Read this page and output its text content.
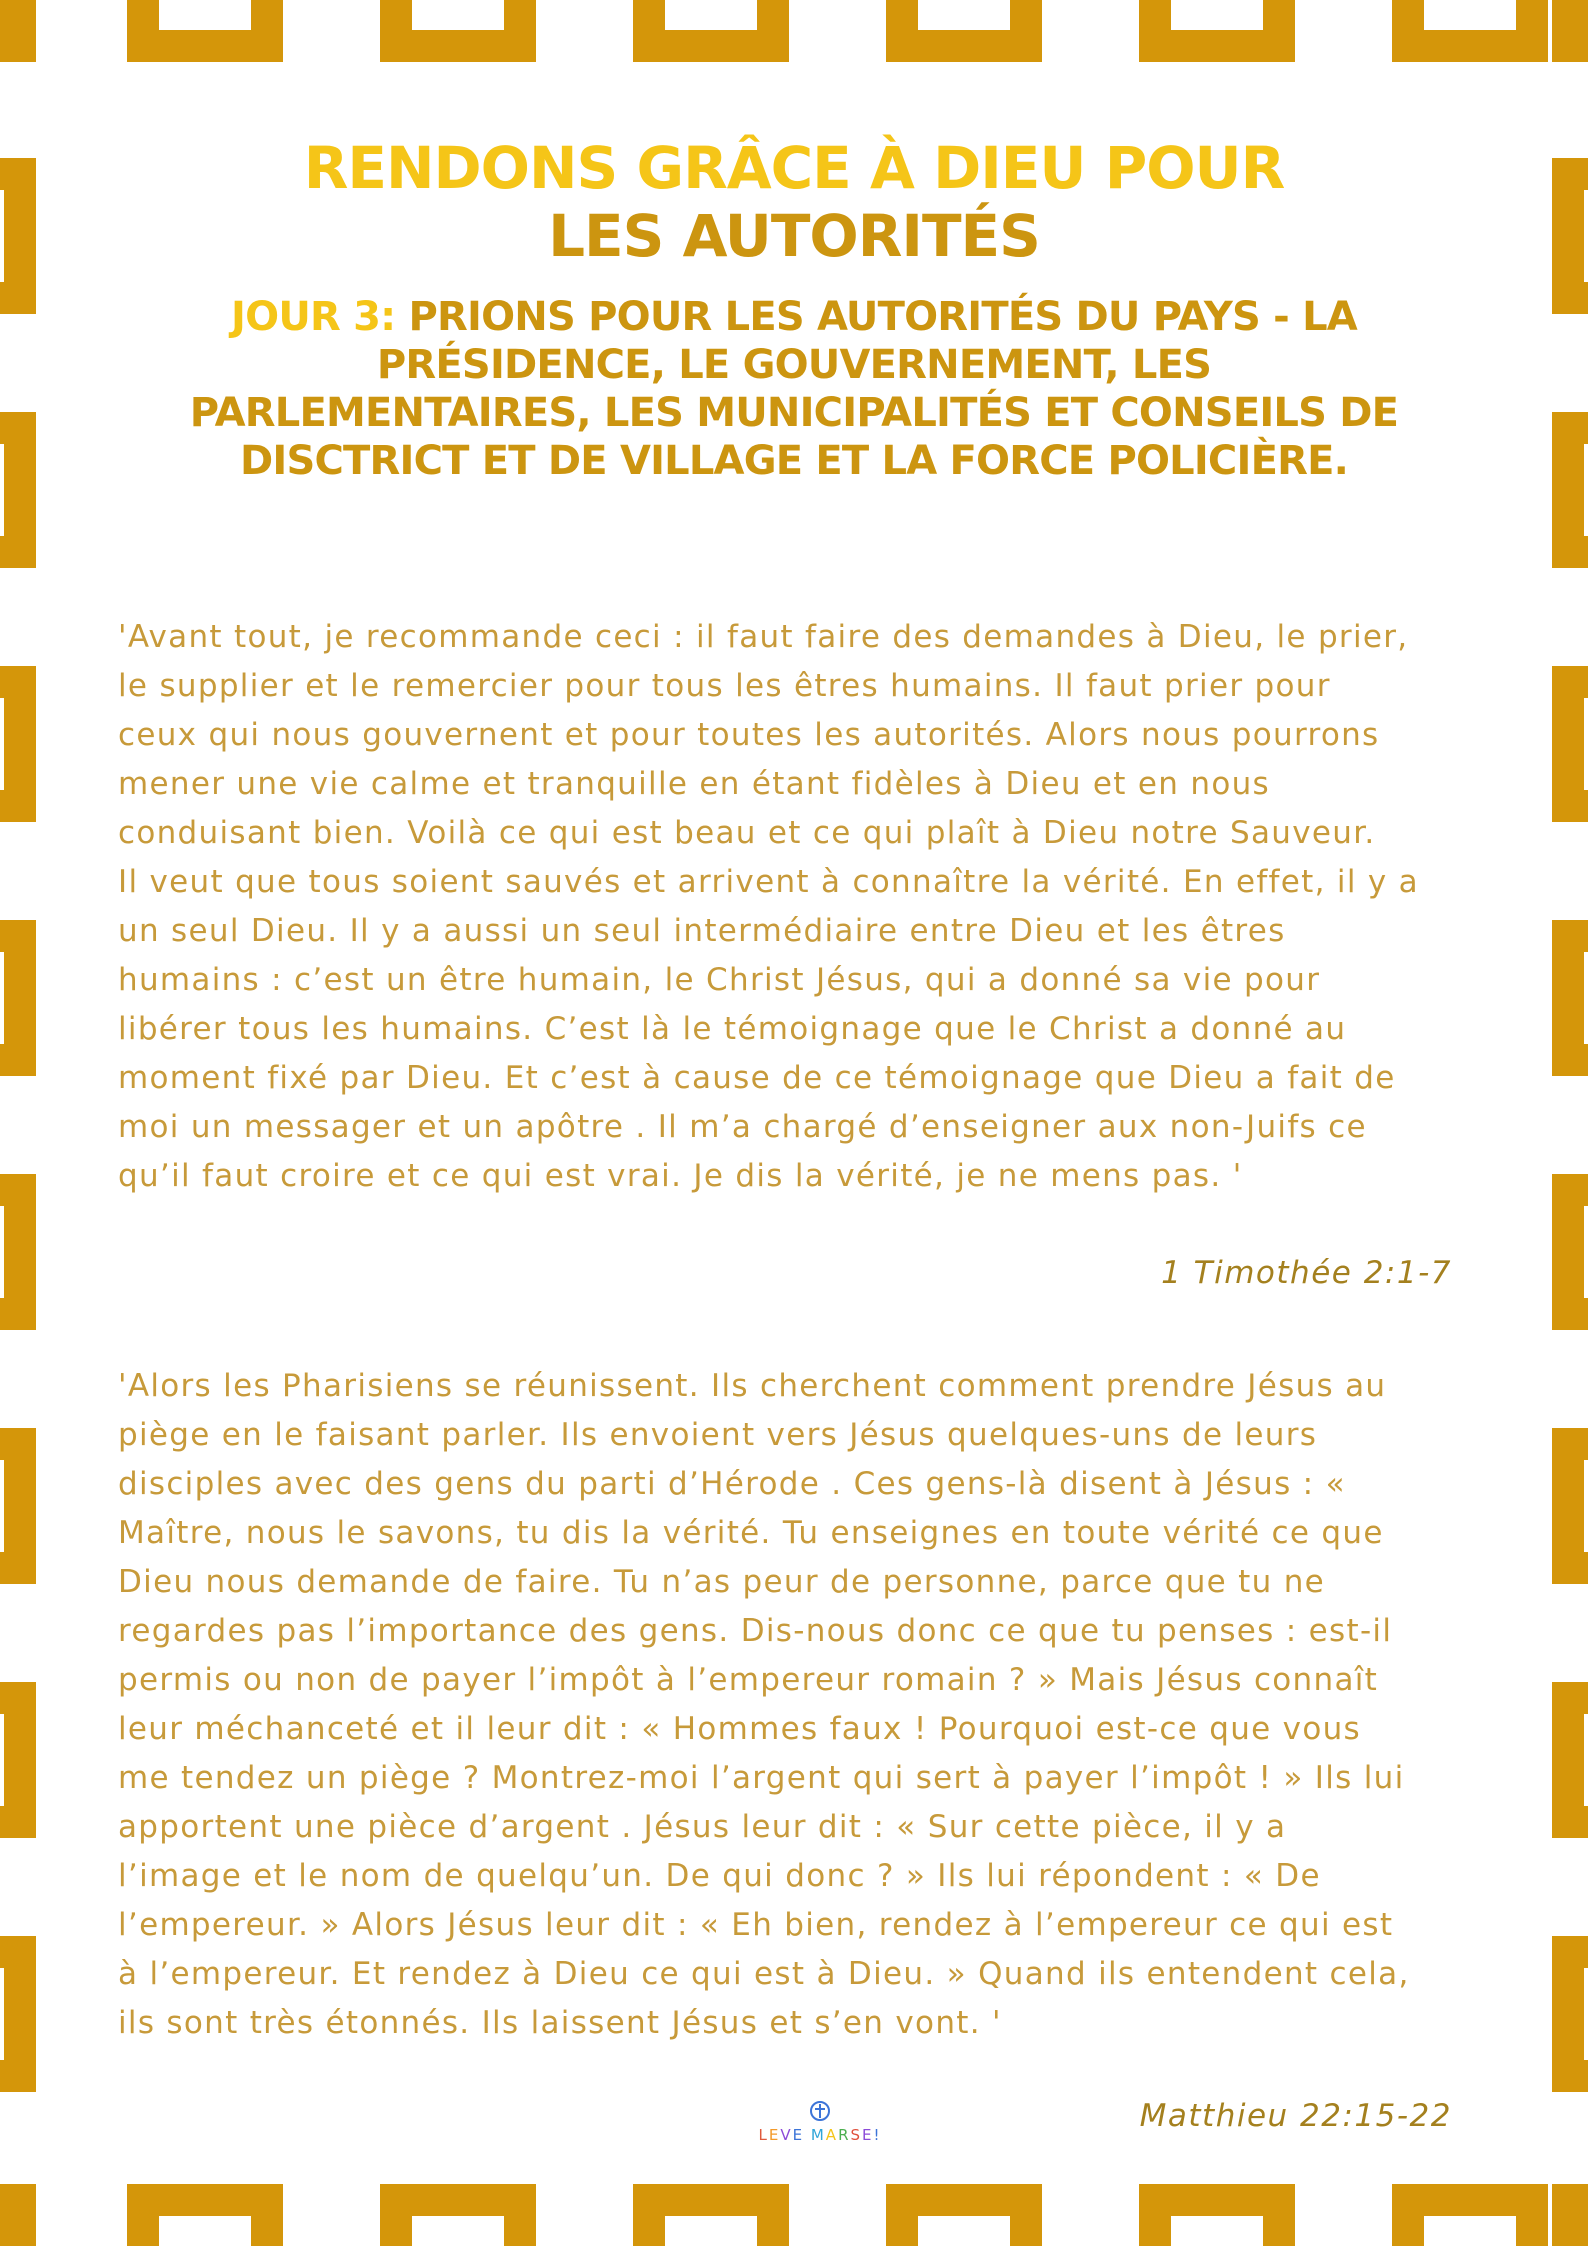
RENDONS GRÂCE À DIEU POUR
LES AUTORITÉS
JOUR 3: PRIONS POUR LES AUTORITÉS DU PAYS - LA PRÉSIDENCE, LE GOUVERNEMENT, LES PARLEMENTAIRES, LES MUNICIPALITÉS ET CONSEILS DE DISCTRICT ET DE VILLAGE ET LA FORCE POLICIÈRE.
'Avant tout, je recommande ceci : il faut faire des demandes à Dieu, le prier,
le supplier et le remercier pour tous les êtres humains. Il faut prier pour
ceux qui nous gouvernent et pour toutes les autorités. Alors nous pourrons
mener une vie calme et tranquille en étant fidèles à Dieu et en nous
conduisant bien. Voilà ce qui est beau et ce qui plaît à Dieu notre Sauveur.
Il veut que tous soient sauvés et arrivent à connaître la vérité. En effet, il y a
un seul Dieu. Il y a aussi un seul intermédiaire entre Dieu et les êtres
humains : c’est un être humain, le Christ Jésus, qui a donné sa vie pour
libérer tous les humains. C’est là le témoignage que le Christ a donné au
moment fixé par Dieu. Et c’est à cause de ce témoignage que Dieu a fait de
moi un messager et un apôtre . Il m’a chargé d’enseigner aux non-Juifs ce
qu’il faut croire et ce qui est vrai. Je dis la vérité, je ne mens pas. '
1 Timothée 2:1-7
'Alors les Pharisiens se réunissent. Ils cherchent comment prendre Jésus au
piège en le faisant parler. Ils envoient vers Jésus quelques-uns de leurs
disciples avec des gens du parti d’Hérode . Ces gens-là disent à Jésus : «
Maître, nous le savons, tu dis la vérité. Tu enseignes en toute vérité ce que
Dieu nous demande de faire. Tu n’as peur de personne, parce que tu ne
regardes pas l’importance des gens. Dis-nous donc ce que tu penses : est-il
permis ou non de payer l’impôt à l’empereur romain ? » Mais Jésus connaît
leur méchanceté et il leur dit : « Hommes faux ! Pourquoi est-ce que vous
me tendez un piège ? Montrez-moi l’argent qui sert à payer l’impôt ! » Ils lui
apportent une pièce d’argent . Jésus leur dit : « Sur cette pièce, il y a
l’image et le nom de quelqu’un. De qui donc ? » Ils lui répondent : « De
l’empereur. » Alors Jésus leur dit : « Eh bien, rendez à l’empereur ce qui est
à l’empereur. Et rendez à Dieu ce qui est à Dieu. » Quand ils entendent cela,
ils sont très étonnés. Ils laissent Jésus et s’en vont. '
Matthieu 22:15-22
LEVE MARSE!
